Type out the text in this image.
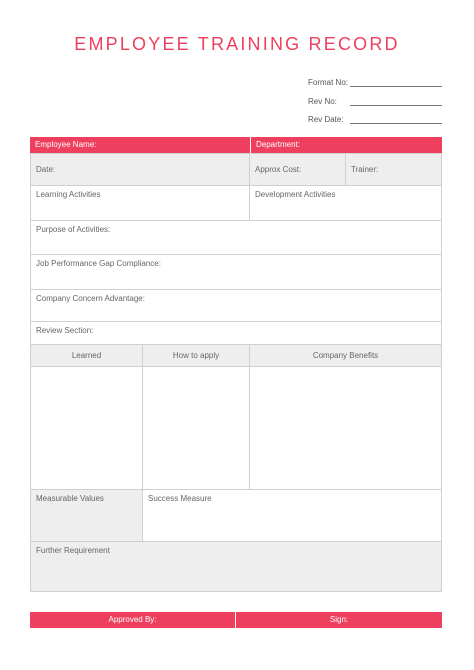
EMPLOYEE TRAINING RECORD
Format No:
Rev No:
Rev Date:
Employee Name:	Department:
Date:	Approx Cost:	Trainer:
Learning Activities	Development Activities
Purpose of Activities:
Job Performance Gap Compliance:
Company Concern Advantage:
Review Section:
Learned	How to apply	Company Benefits
Measurable Values	Success Measure
Further Requirement
Approved By:	Sign:
